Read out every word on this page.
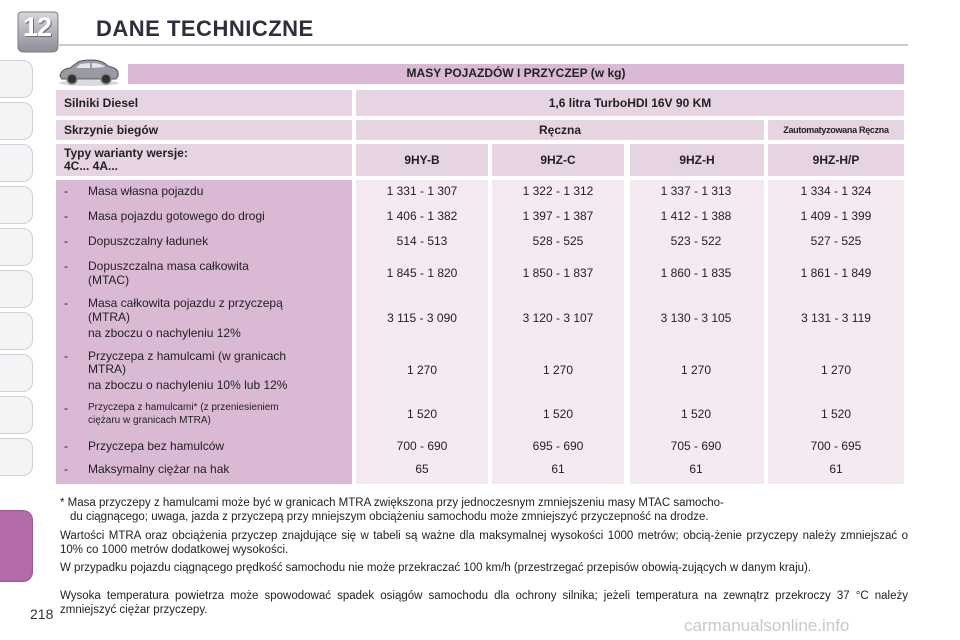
12	DANE TECHNICZNE
MASY POJAZDÓW I PRZYCZEP (w kg)
Silniki Diesel	1,6 litra TurboHDI 16V 90 KM
Skrzynie biegów	Ręczna	Zautomatyzowana Ręczna
Typy warianty wersje:
4C... 4A...	9HY-B	9HZ-C	9HZ-H	9HZ-H/P
- Masa własna pojazdu	1 331 - 1 307	1 322 - 1 312	1 337 - 1 313	1 334 - 1 324
- Masa pojazdu gotowego do drogi	1 406 - 1 382	1 397 - 1 387	1 412 - 1 388	1 409 - 1 399
- Dopuszczalny ładunek	514 - 513	528 - 525	523 - 522	527 - 525
- Dopuszczalna masa całkowita
(MTAC)	1 845 - 1 820	1 850 - 1 837	1 860 - 1 835	1 861 - 1 849
- Masa całkowita pojazdu z przyczepą
(MTRA)
na zboczu o nachyleniu 12%
3 115 - 3 090	3 120 - 3 107	3 130 - 3 105	3 131 - 3 119
- Przyczepa z hamulcami (w granicach
MTRA)
na zboczu o nachyleniu 10% lub 12%
1 270	1 270	1 270	1 270
- Przyczepa z hamulcami* (z przeniesieniem
ciężaru w granicach MTRA)	1 520	1 520	1 520	1 520
- Przyczepa bez hamulców	700 - 690	695 - 690	705 - 690	700 - 695
- Maksymalny ciężar na hak	65	61	61	61
* Masa przyczepy z hamulcami może być w granicach MTRA zwiększona przy jednoczesnym zmniejszeniu masy MTAC samocho-
du ciągnącego; uwaga, jazda z przyczepą przy mniejszym obciążeniu samochodu może zmniejszyć przyczepność na drodze.
Wartości MTRA oraz obciążenia przyczep znajdujące się w tabeli są ważne dla maksymalnej wysokości 1000 metrów; obcią-żenie przyczepy należy zmniejszać o 10% co 1000 metrów dodatkowej wysokości.
W przypadku pojazdu ciągnącego prędkość samochodu nie może przekraczać 100 km/h (przestrzegać przepisów obowią-zujących w danym kraju).
Wysoka temperatura powietrza może spowodować spadek osiągów samochodu dla ochrony silnika; jeżeli temperatura na zewnątrz przekroczy 37 °C należy zmniejszyć ciężar przyczepy.
218
carmanualsonline.info
